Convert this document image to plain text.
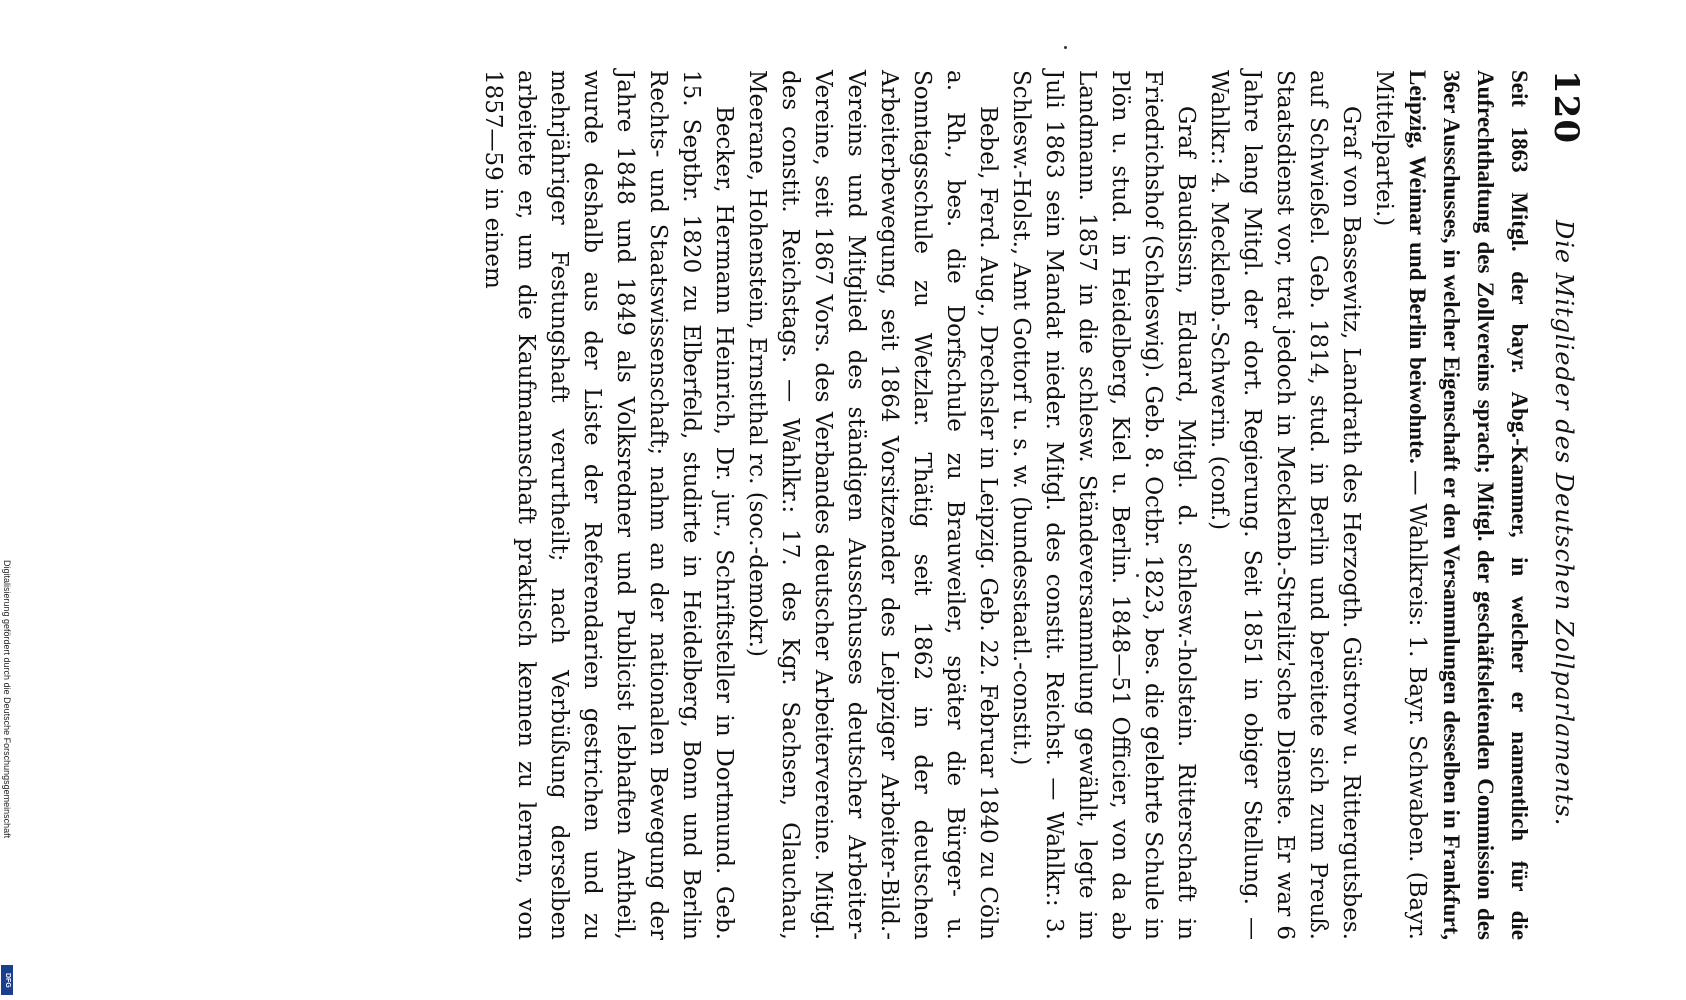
120
Die Mitglieder des Deutschen Zollparlaments.

Seit 1863 Mitgl. der bayr. Abg.-Kammer, in welcher er namentlich für die Aufrechthaltung des Zollvereins sprach; Mitgl. der geschäftsleitenden Commission des 36er Ausschusses, in welcher Eigenschaft er den Versammlungen desselben in Frankfurt, Leipzig, Weimar und Berlin beiwohnte. — Wahlkreis: 1. Bayr. Schwaben. (Bayr. Mittelpartei.)

Graf von Bassewitz, Landrath des Herzogth. Güstrow u. Rittergutsbes. auf Schwießel. Geb. 1814, stud. in Berlin und bereitete sich zum Preuß. Staatsdienst vor, trat jedoch in Mecklenb.-Strelitz'sche Dienste. Er war 6 Jahre lang Mitgl. der dort. Regierung. Seit 1851 in obiger Stellung. — Wahlkr.: 4. Mecklenb.-Schwerin. (conf.)

Graf Baudissin, Eduard, Mitgl. d. schlesw.-holstein. Ritterschaft in Friedrichshof (Schleswig). Geb. 8. Octbr. 1823, bes. die gelehrte Schule in Plön u. stud. in Heidelberg, Kiel u. Berlin. 1848—51 Officier, von da ab Landmann. 1857 in die schlesw. Ständeversammlung gewählt, legte im Juli 1863 sein Mandat nieder. Mitgl. des constit. Reichst. — Wahlkr.: 3. Schlesw.-Holst., Amt Gottorf u. s. w. (bundesstaatl.-constit.)

Bebel, Ferd. Aug., Drechsler in Leipzig. Geb. 22. Februar 1840 zu Cöln a. Rh., bes. die Dorfschule zu Brauweiler, später die Bürger- u. Sonntagsschule zu Wetzlar. Thätig seit 1862 in der deutschen Arbeiterbewegung, seit 1864 Vorsitzender des Leipziger Arbeiter-Bild.-Vereins und Mitglied des ständigen Ausschusses deutscher Arbeiter-Vereine, seit 1867 Vors. des Verbandes deutscher Arbeitervereine. Mitgl. des constit. Reichstags. — Wahlkr.: 17. des Kgr. Sachsen, Glauchau, Meerane, Hohenstein, Ernstthal rc. (soc.-demokr.)

Becker, Hermann Heinrich, Dr. jur., Schriftsteller in Dortmund. Geb. 15. Septbr. 1820 zu Elberfeld, studirte in Heidelberg, Bonn und Berlin Rechts- und Staatswissenschaft; nahm an der nationalen Bewegung der Jahre 1848 und 1849 als Volksredner und Publicist lebhaften Antheil, wurde deshalb aus der Liste der Referendarien gestrichen und zu mehrjähriger Festungshaft verurtheilt; nach Verbüßung derselben arbeitete er, um die Kaufmannschaft praktisch kennen zu lernen, von 1857—59 in einem

Digitalisierung gefördert durch die Deutsche Forschungsgemeinschaft
DFG
